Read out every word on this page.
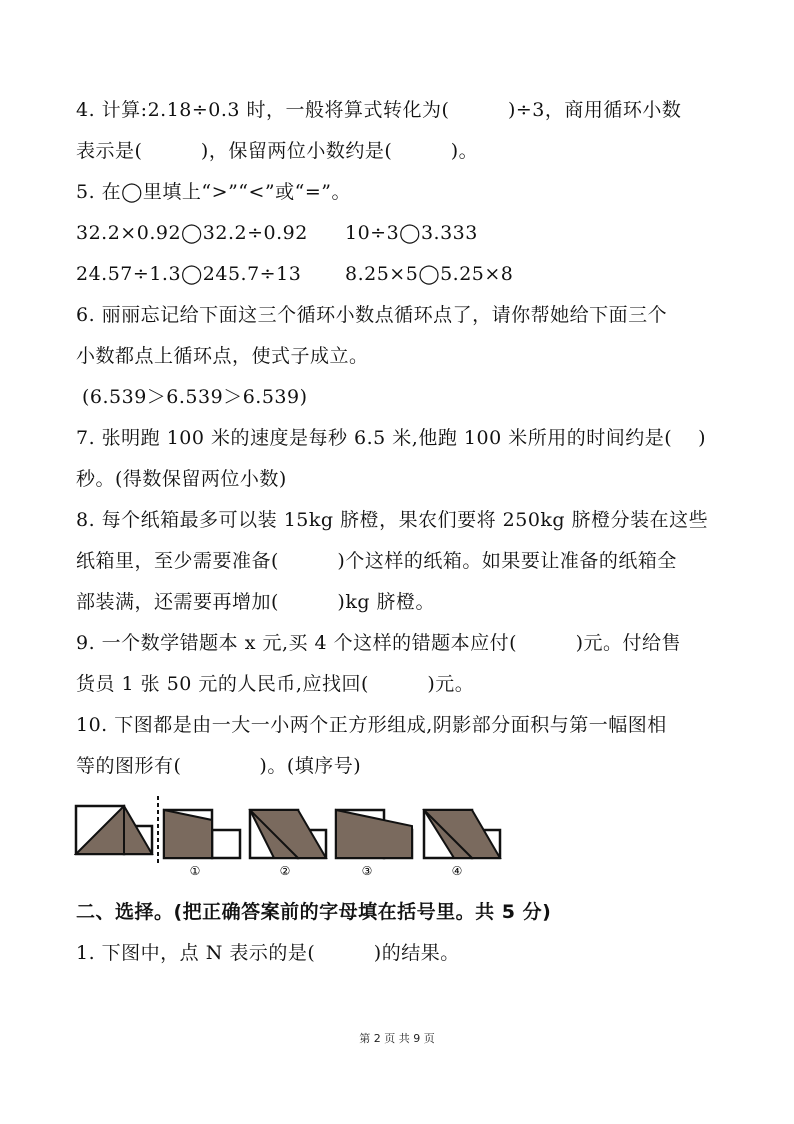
4. 计算:2.18÷0.3 时，一般将算式转化为(　　　)÷3，商用循环小数
表示是(　　　)，保留两位小数约是(　　　)。
5. 在◯里填上“>”“<”或“=”。
32.2×0.92◯32.2÷0.92 10÷3◯3.333
24.57÷1.3◯245.7÷13 8.25×5◯5.25×8
6. 丽丽忘记给下面这三个循环小数点循环点了，请你帮她给下面三个
小数都点上循环点，使式子成立。
(6.539＞6.539＞6.539)
7. 张明跑 100 米的速度是每秒 6.5 米,他跑 100 米所用的时间约是(　 )
秒。(得数保留两位小数)
8. 每个纸箱最多可以装 15kg 脐橙，果农们要将 250kg 脐橙分装在这些
纸箱里，至少需要准备(　　　)个这样的纸箱。如果要让准备的纸箱全
部装满，还需要再增加(　　　)kg 脐橙。
9. 一个数学错题本 x 元,买 4 个这样的错题本应付(　　　)元。付给售
货员 1 张 50 元的人民币,应找回(　　　)元。
10. 下图都是由一大一小两个正方形组成,阴影部分面积与第一幅图相
等的图形有(　　　　)。(填序号)
①	②	③	④
二、选择。(把正确答案前的字母填在括号里。共 5 分)
1. 下图中，点 N 表示的是(　　　)的结果。
第 2 页 共 9 页
